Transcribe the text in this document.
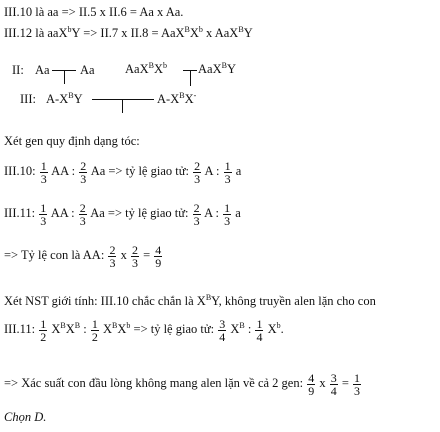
III.10 là aa => II.5 x II.6 = Aa x Aa.
III.12 là aaX$^b$Y => II.7 x $II.8 = AaX^BX^b$ x AaX$^B$Y
II: Aa Aa $AaX^BX^b$ AaX$^B$Y
III: $A-X^BY$	$A-X^BX^-$
Xét gen quy định dạng tóc:
III.10: $\frac{1}{3}$ AA : $\frac{2}{3}$ Aa => tỷ lệ giao tử: $\frac{2}{3}$ A : $\frac{1}{3}$ a
III.11: $\frac{1}{3}$ AA : $\frac{2}{3}$ Aa => tỷ lệ giao tử: $\frac{2}{3}$ A : $\frac{1}{3}$ a
=> Tỷ lệ con là AA: $\frac{2}{3}$ x $\frac{2}{3} = \frac{4}{9}$
Xét NST giới tính: III.10 chắc chắn là $X^BY$, không truyền alen lặn cho con
III.11: $\frac{1}{2} X^BX^B$ : $\frac{1}{2} X^BX^b$ => tỷ lệ giao tử: $\frac{3}{4} X^B$ : $\frac{1}{4} X^b$.
=> Xác suất con đầu lòng không mang alen lặn về cả 2 gen: $\frac{4}{9}$ x $\frac{3}{4} = \frac{1}{3}$
Chọn D.
